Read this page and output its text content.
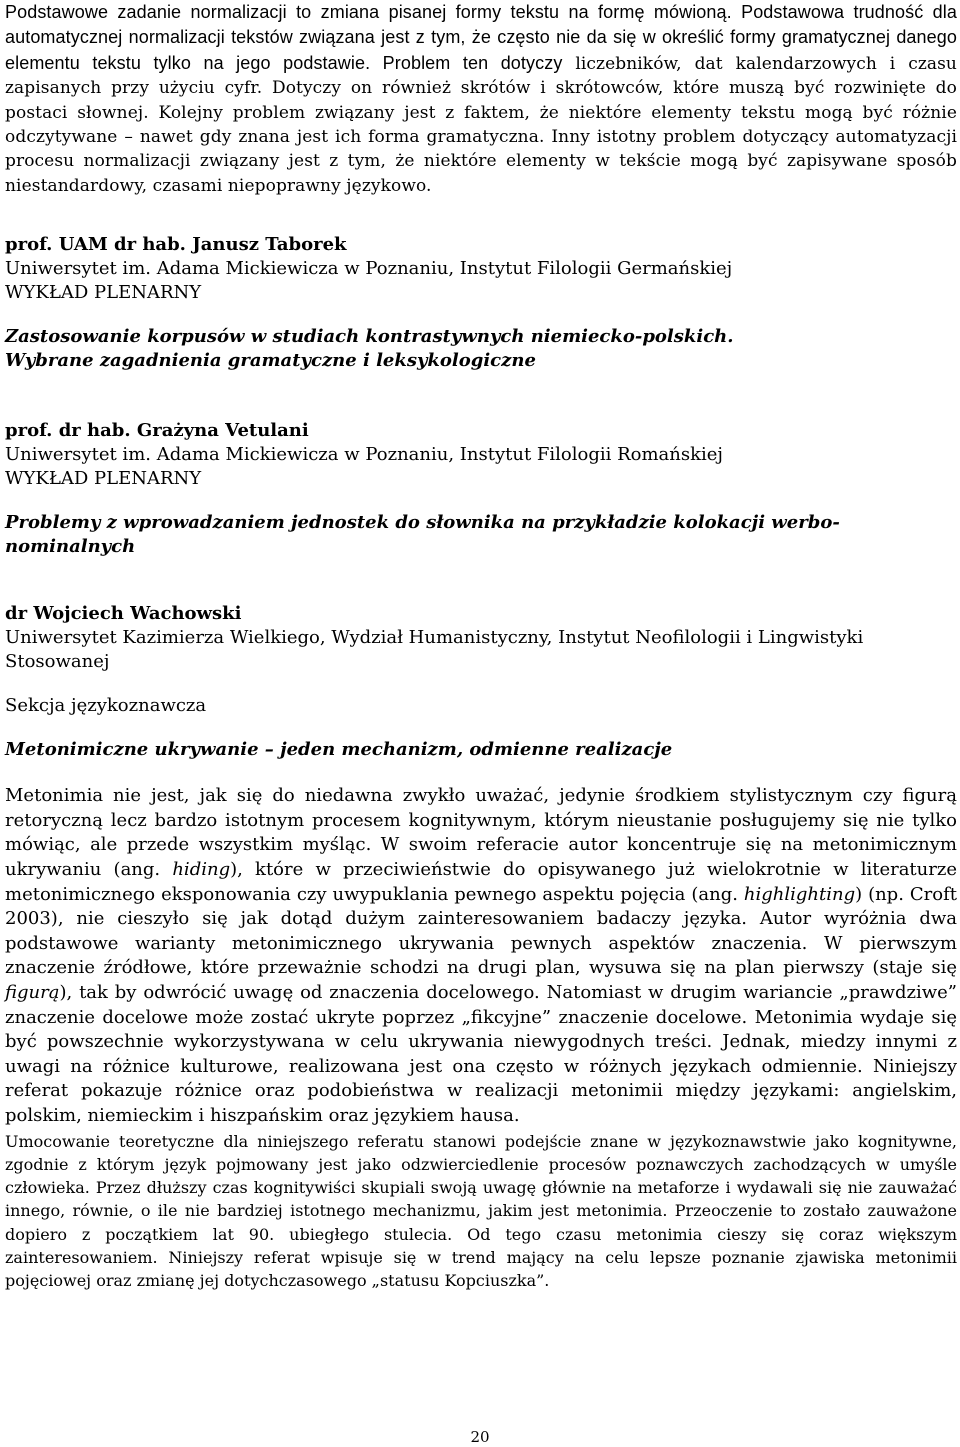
Podstawowe zadanie normalizacji to zmiana pisanej formy tekstu na formę mówioną. Podstawowa trudność dla automatycznej normalizacji tekstów związana jest z tym, że często nie da się w określić formy gramatycznej danego elementu tekstu tylko na jego podstawie. Problem ten dotyczy liczebników, dat kalendarzowych i czasu zapisanych przy użyciu cyfr. Dotyczy on również skrótów i skrótowców, które muszą być rozwinięte do postaci słownej. Kolejny problem związany jest z faktem, że niektóre elementy tekstu mogą być różnie odczytywane – nawet gdy znana jest ich forma gramatyczna. Inny istotny problem dotyczący automatyzacji procesu normalizacji związany jest z tym, że niektóre elementy w tekście mogą być zapisywane sposób niestandardowy, czasami niepoprawny językowo.

prof. UAM dr hab. Janusz Taborek
Uniwersytet im. Adama Mickiewicza w Poznaniu, Instytut Filologii Germańskiej
WYKŁAD PLENARNY
Zastosowanie korpusów w studiach kontrastywnych niemiecko-polskich.
Wybrane zagadnienia gramatyczne i leksykologiczne
prof. dr hab. Grażyna Vetulani
Uniwersytet im. Adama Mickiewicza w Poznaniu, Instytut Filologii Romańskiej
WYKŁAD PLENARNY
Problemy z wprowadzaniem jednostek do słownika na przykładzie kolokacji werbo-nominalnych
dr Wojciech Wachowski
Uniwersytet Kazimierza Wielkiego, Wydział Humanistyczny, Instytut Neofilologii i Lingwistyki Stosowanej
Sekcja językoznawcza
Metonimiczne ukrywanie – jeden mechanizm, odmienne realizacje

Metonimia nie jest, jak się do niedawna zwykło uważać, jedynie środkiem stylistycznym czy figurą retoryczną lecz bardzo istotnym procesem kognitywnym, którym nieustanie posługujemy się nie tylko mówiąc, ale przede wszystkim myśląc. W swoim referacie autor koncentruje się na metonimicznym ukrywaniu (ang. hiding), które w przeciwieństwie do opisywanego już wielokrotnie w literaturze metonimicznego eksponowania czy uwypuklania pewnego aspektu pojęcia (ang. highlighting) (np. Croft 2003), nie cieszyło się jak dotąd dużym zainteresowaniem badaczy języka. Autor wyróżnia dwa podstawowe warianty metonimicznego ukrywania pewnych aspektów znaczenia. W pierwszym znaczenie źródłowe, które przeważnie schodzi na drugi plan, wysuwa się na plan pierwszy (staje się figurą), tak by odwrócić uwagę od znaczenia docelowego. Natomiast w drugim wariancie „prawdziwe” znaczenie docelowe może zostać ukryte poprzez „fikcyjne” znaczenie docelowe. Metonimia wydaje się być powszechnie wykorzystywana w celu ukrywania niewygodnych treści. Jednak, miedzy innymi z uwagi na różnice kulturowe, realizowana jest ona często w różnych językach odmiennie. Niniejszy referat pokazuje różnice oraz podobieństwa w realizacji metonimii między językami: angielskim, polskim, niemieckim i hiszpańskim oraz językiem hausa.

Umocowanie teoretyczne dla niniejszego referatu stanowi podejście znane w językoznawstwie jako kognitywne, zgodnie z którym język pojmowany jest jako odzwierciedlenie procesów poznawczych zachodzących w umyśle człowieka. Przez dłuższy czas kognitywiści skupiali swoją uwagę głównie na metaforze i wydawali się nie zauważać innego, równie, o ile nie bardziej istotnego mechanizmu, jakim jest metonimia. Przeoczenie to zostało zauważone dopiero z początkiem lat 90. ubiegłego stulecia. Od tego czasu metonimia cieszy się coraz większym zainteresowaniem. Niniejszy referat wpisuje się w trend mający na celu lepsze poznanie zjawiska metonimii pojęciowej oraz zmianę jej dotychczasowego „statusu Kopciuszka”.

20
